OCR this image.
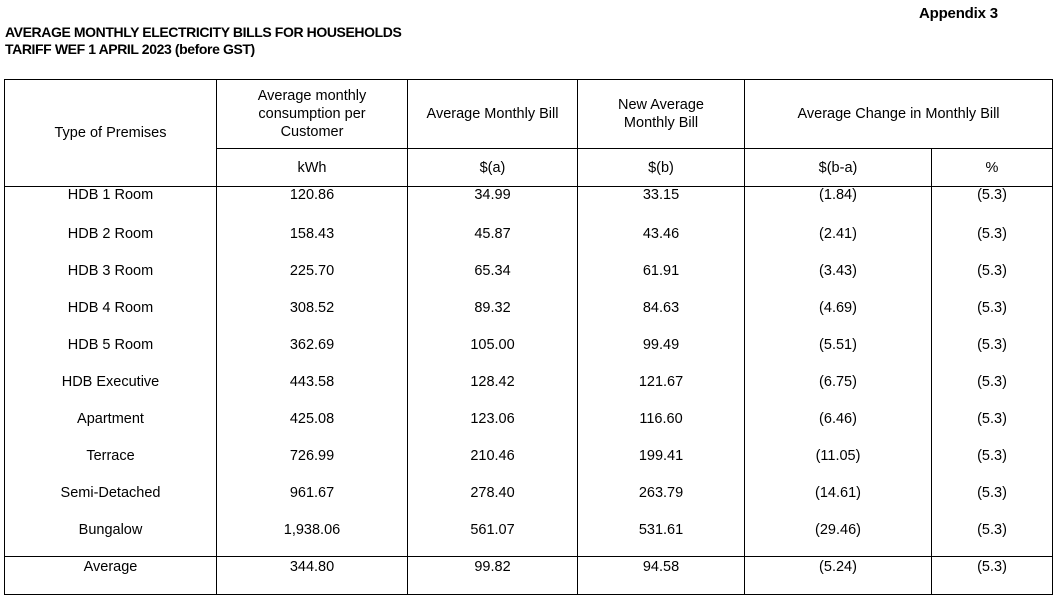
Appendix 3
AVERAGE MONTHLY ELECTRICITY BILLS FOR HOUSEHOLDS
TARIFF WEF 1 APRIL 2023 (before GST)
Type of Premises	Average monthly consumption per Customer	Average Monthly Bill	New Average Monthly Bill	Average Change in Monthly Bill	
	kWh	$(a)	$(b)	$(b-a)	%
HDB 1 Room	120.86	34.99	33.15	(1.84)	(5.3)
HDB 2 Room	158.43	45.87	43.46	(2.41)	(5.3)
HDB 3 Room	225.70	65.34	61.91	(3.43)	(5.3)
HDB 4 Room	308.52	89.32	84.63	(4.69)	(5.3)
HDB 5 Room	362.69	105.00	99.49	(5.51)	(5.3)
HDB Executive	443.58	128.42	121.67	(6.75)	(5.3)
Apartment	425.08	123.06	116.60	(6.46)	(5.3)
Terrace	726.99	210.46	199.41	(11.05)	(5.3)
Semi-Detached	961.67	278.40	263.79	(14.61)	(5.3)
Bungalow	1,938.06	561.07	531.61	(29.46)	(5.3)
Average	344.80	99.82	94.58	(5.24)	(5.3)
